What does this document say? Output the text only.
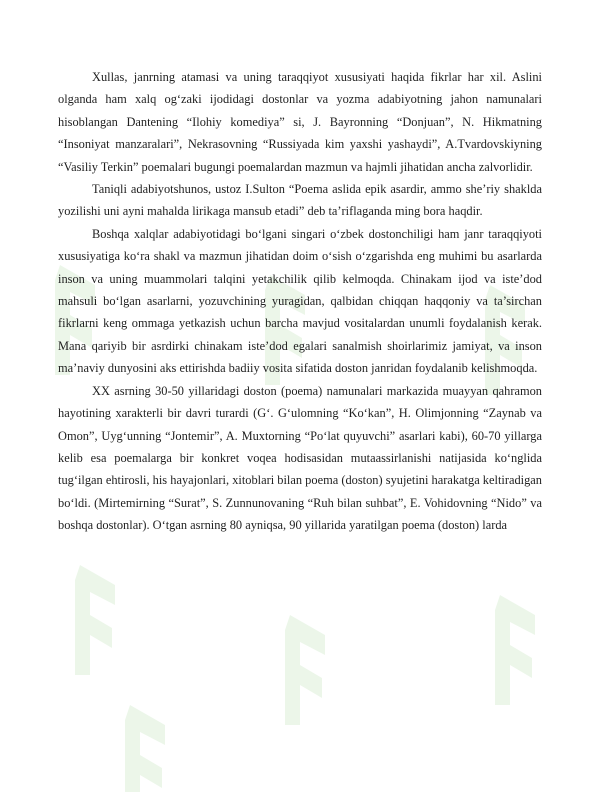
Xullas, janrning atamasi va uning taraqqiyot xususiyati haqida fikrlar har xil. Aslini olganda ham xalq og‘zaki ijodidagi dostonlar va yozma adabiyotning jahon namunalari hisoblangan Dantening “Ilohiy komediya” si, J. Bayronning “Donjuan”, N. Hikmatning “Insoniyat manzaralari”, Nekrasovning “Russiyada kim yaxshi yashaydi”, A.Tvardovskiyning “Vasiliy Terkin” poemalari bugungi poemalardan mazmun va hajmli jihatidan ancha zalvorlidir.

Taniqli adabiyotshunos, ustoz I.Sulton “Poema aslida epik asardir, ammo she’riy shaklda yozilishi uni ayni mahalda lirikaga mansub etadi” deb ta’riflaganda ming bora haqdir.

Boshqa xalqlar adabiyotidagi bo‘lgani singari o‘zbek dostonchiligi ham janr taraqqiyoti xususiyatiga ko‘ra shakl va mazmun jihatidan doim o‘sish o‘zgarishda eng muhimi bu asarlarda inson va uning muammolari talqini yetakchilik qilib kelmoqda. Chinakam ijod va iste’dod mahsuli bo‘lgan asarlarni, yozuvchining yuragidan, qalbidan chiqqan haqqoniy va ta’sirchan fikrlarni keng ommaga yetkazish uchun barcha mavjud vositalardan unumli foydalanish kerak. Mana qariyib bir asrdirki chinakam iste’dod egalari sanalmish shoirlarimiz jamiyat, va inson ma’naviy dunyosini aks ettirishda badiiy vosita sifatida doston janridan foydalanib kelishmoqda.

XX asrning 30-50 yillaridagi doston (poema) namunalari markazida muayyan qahramon hayotining xarakterli bir davri turardi (G‘. G‘ulomning “Ko‘kan”, H. Olimjonning “Zaynab va Omon”, Uyg‘unning “Jontemir”, A. Muxtorning “Po‘lat quyuvchi” asarlari kabi), 60-70 yillarga kelib esa poemalarga bir konkret voqea hodisasidan mutaassirlanishi natijasida ko‘nglida tug‘ilgan ehtirosli, his hayajonlari, xitoblari bilan poema (doston) syujetini harakatga keltiradigan bo‘ldi. (Mirtemirning “Surat”, S. Zunnunovaning “Ruh bilan suhbat”, E. Vohidovning “Nido” va boshqa dostonlar). O‘tgan asrning 80 ayniqsa, 90 yillarida yaratilgan poema (doston) larda
